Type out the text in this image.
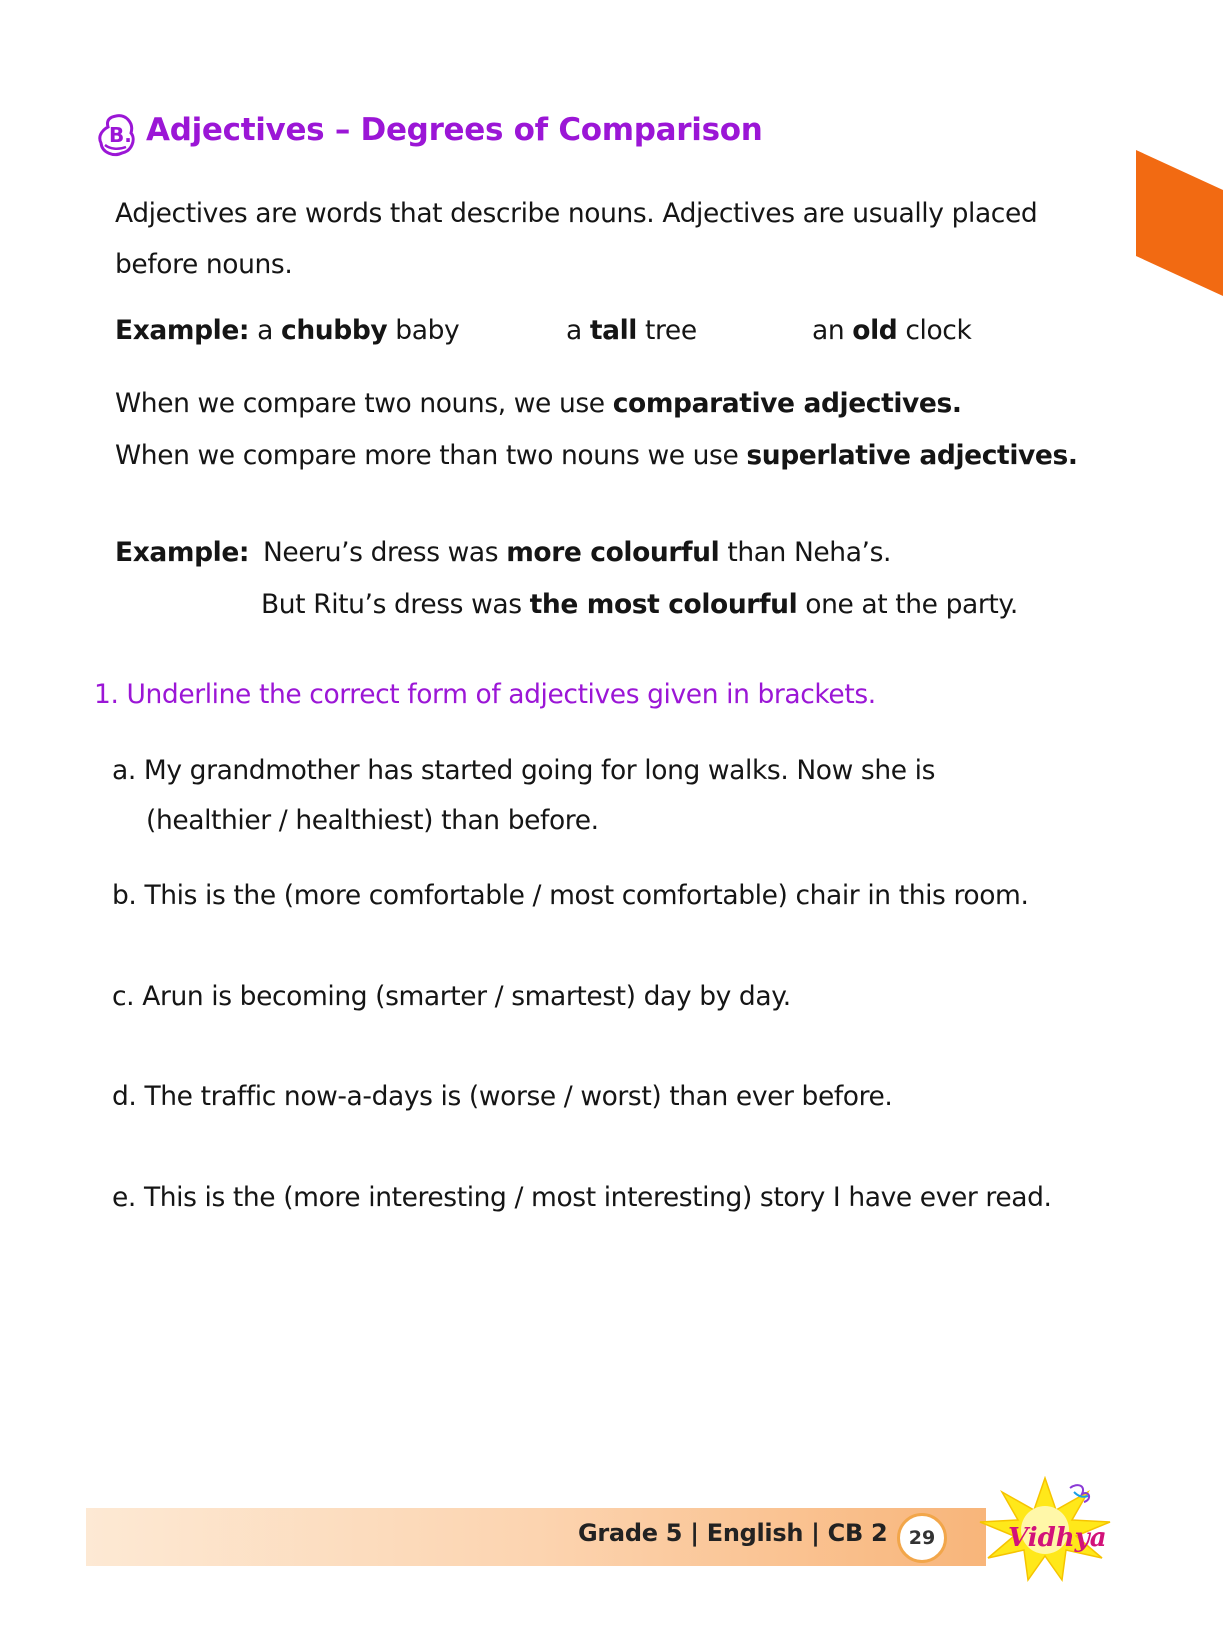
B. Adjectives – Degrees of Comparison
Adjectives are words that describe nouns. Adjectives are usually placed
before nouns.
Example: a chubby baby	a tall tree	an old clock
When we compare two nouns, we use comparative adjectives.
When we compare more than two nouns we use superlative adjectives.
Example: Neeru’s dress was more colourful than Neha’s.
But Ritu’s dress was the most colourful one at the party.
1. Underline the correct form of adjectives given in brackets.
a. My grandmother has started going for long walks. Now she is
(healthier / healthiest) than before.
b. This is the (more comfortable / most comfortable) chair in this room.
c. Arun is becoming (smarter / smartest) day by day.
d. The traffic now-a-days is (worse / worst) than ever before.
e. This is the (more interesting / most interesting) story I have ever read.
Grade 5 | English | CB 2	29	Vidhya
